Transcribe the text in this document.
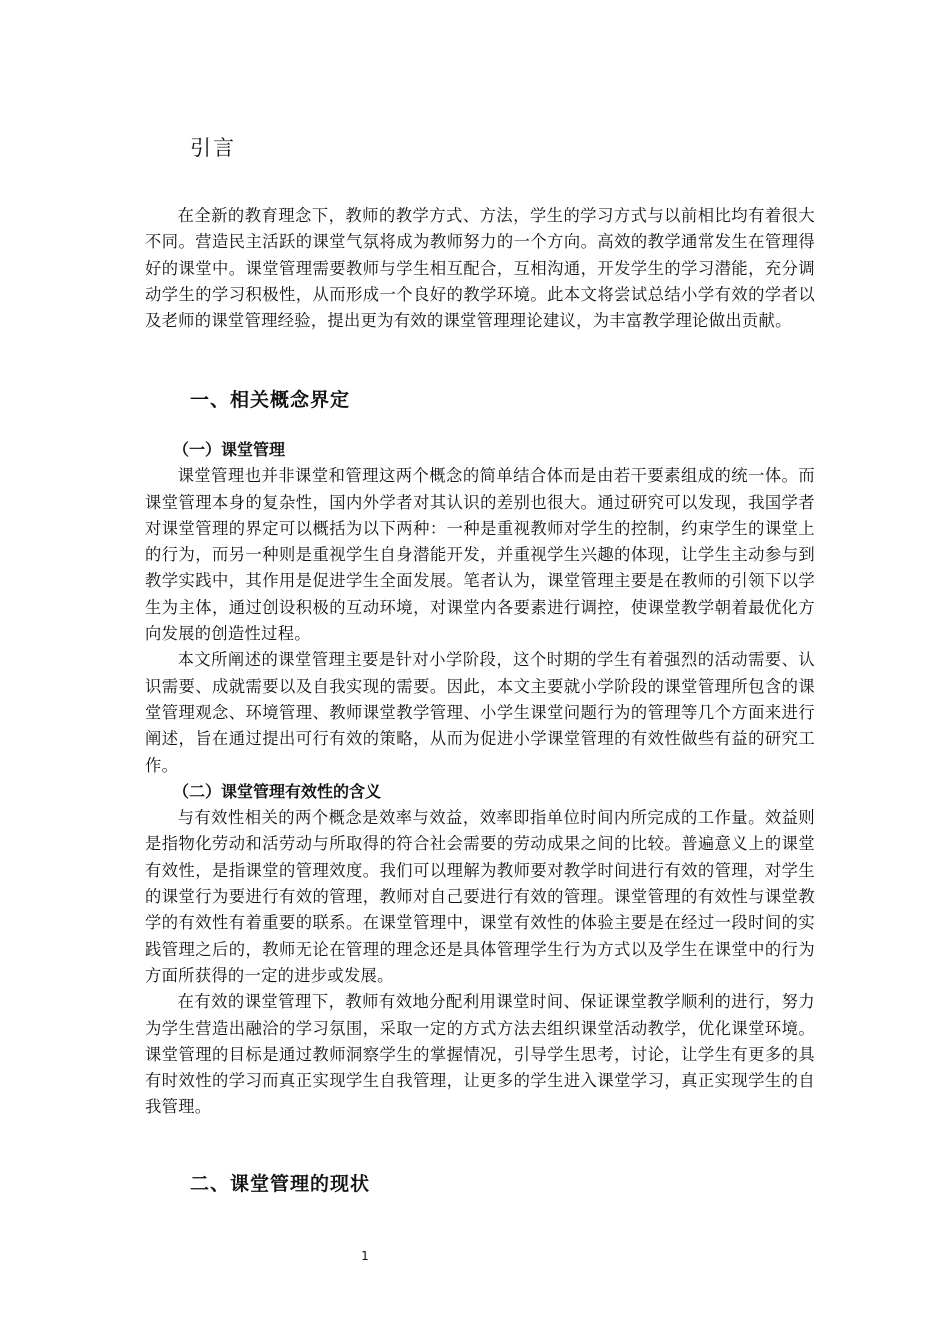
引言

在全新的教育理念下，教师的教学方式、方法，学生的学习方式与以前相比均有着很大不同。营造民主活跃的课堂气氛将成为教师努力的一个方向。高效的教学通常发生在管理得好的课堂中。课堂管理需要教师与学生相互配合，互相沟通，开发学生的学习潜能，充分调动学生的学习积极性，从而形成一个良好的教学环境。此本文将尝试总结小学有效的学者以及老师的课堂管理经验，提出更为有效的课堂管理理论建议，为丰富教学理论做出贡献。

一、相关概念界定
（一）课堂管理

课堂管理也并非课堂和管理这两个概念的简单结合体而是由若干要素组成的统一体。而课堂管理本身的复杂性，国内外学者对其认识的差别也很大。通过研究可以发现，我国学者对课堂管理的界定可以概括为以下两种：一种是重视教师对学生的控制，约束学生的课堂上的行为，而另一种则是重视学生自身潜能开发，并重视学生兴趣的体现，让学生主动参与到教学实践中，其作用是促进学生全面发展。笔者认为，课堂管理主要是在教师的引领下以学生为主体，通过创设积极的互动环境，对课堂内各要素进行调控，使课堂教学朝着最优化方向发展的创造性过程。

本文所阐述的课堂管理主要是针对小学阶段，这个时期的学生有着强烈的活动需要、认识需要、成就需要以及自我实现的需要。因此，本文主要就小学阶段的课堂管理所包含的课堂管理观念、环境管理、教师课堂教学管理、小学生课堂问题行为的管理等几个方面来进行阐述，旨在通过提出可行有效的策略，从而为促进小学课堂管理的有效性做些有益的研究工作。

（二）课堂管理有效性的含义

与有效性相关的两个概念是效率与效益，效率即指单位时间内所完成的工作量。效益则是指物化劳动和活劳动与所取得的符合社会需要的劳动成果之间的比较。普遍意义上的课堂有效性，是指课堂的管理效度。我们可以理解为教师要对教学时间进行有效的管理，对学生的课堂行为要进行有效的管理，教师对自己要进行有效的管理。课堂管理的有效性与课堂教学的有效性有着重要的联系。在课堂管理中，课堂有效性的体验主要是在经过一段时间的实践管理之后的，教师无论在管理的理念还是具体管理学生行为方式以及学生在课堂中的行为方面所获得的一定的进步或发展。

在有效的课堂管理下，教师有效地分配利用课堂时间、保证课堂教学顺利的进行，努力为学生营造出融洽的学习氛围，采取一定的方式方法去组织课堂活动教学，优化课堂环境。课堂管理的目标是通过教师洞察学生的掌握情况，引导学生思考，讨论，让学生有更多的具有时效性的学习而真正实现学生自我管理，让更多的学生进入课堂学习，真正实现学生的自我管理。

二、课堂管理的现状
1
